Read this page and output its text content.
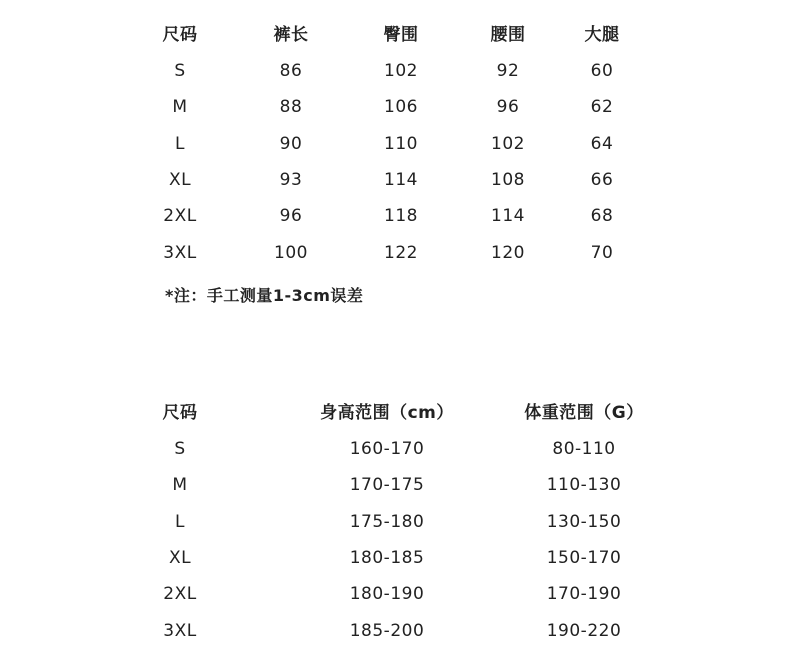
尺码	裤长	臀围	腰围	大腿
S	86	102	92	60
M	88	106	96	62
L	90	110	102	64
XL	93	114	108	66
2XL	96	118	114	68
3XL	100	122	120	70
*注：手工测量1-3cm误差
尺码	身高范围（cm）	体重范围（G）
S	160-170	80-110
M	170-175	110-130
L	175-180	130-150
XL	180-185	150-170
2XL	180-190	170-190
3XL	185-200	190-220
